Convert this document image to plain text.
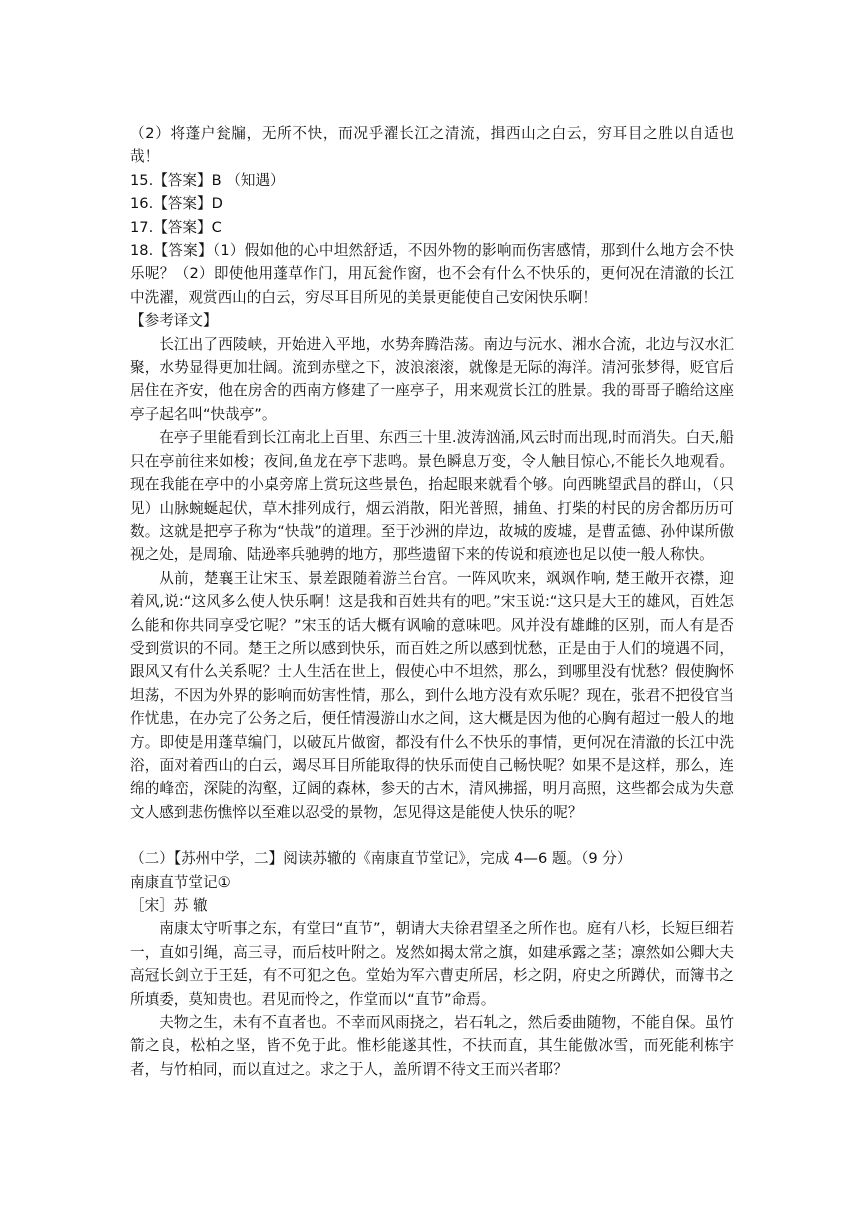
（2）将蓬户瓮牖，无所不快，而况乎濯长江之清流，揖西山之白云，穷耳目之胜以自适也哉！

15.【答案】B （知遇）

16.【答案】D

17.【答案】C

18.【答案】（1）假如他的心中坦然舒适，不因外物的影响而伤害感情，那到什么地方会不快乐呢？（2）即使他用蓬草作门，用瓦瓮作窗，也不会有什么不快乐的，更何况在清澈的长江中洗濯，观赏西山的白云，穷尽耳目所见的美景更能使自己安闲快乐啊！

【参考译文】

长江出了西陵峡，开始进入平地，水势奔腾浩荡。南边与沅水、湘水合流，北边与汉水汇聚，水势显得更加壮阔。流到赤壁之下，波浪滚滚，就像是无际的海洋。清河张梦得，贬官后居住在齐安，他在房舍的西南方修建了一座亭子，用来观赏长江的胜景。我的哥哥子瞻给这座亭子起名叫“快哉亭”。

在亭子里能看到长江南北上百里、东西三十里.波涛汹涌,风云时而出现,时而消失。白天,船只在亭前往来如梭；夜间,鱼龙在亭下悲鸣。景色瞬息万变，令人触目惊心,不能长久地观看。现在我能在亭中的小桌旁席上赏玩这些景色，抬起眼来就看个够。向西眺望武昌的群山，（只见）山脉蜿蜒起伏，草木排列成行，烟云消散，阳光普照，捕鱼、打柴的村民的房舍都历历可数。这就是把亭子称为“快哉”的道理。至于沙洲的岸边，故城的废墟，是曹孟德、孙仲谋所傲视之处，是周瑜、陆逊率兵驰骋的地方，那些遗留下来的传说和痕迹也足以使一般人称快。

从前，楚襄王让宋玉、景差跟随着游兰台宫。一阵风吹来，飒飒作响, 楚王敞开衣襟，迎着风,说:“这风多么使人快乐啊！这是我和百姓共有的吧。”宋玉说:“这只是大王的雄风，百姓怎么能和你共同享受它呢？”宋玉的话大概有讽喻的意味吧。风并没有雄雌的区别，而人有是否受到赏识的不同。楚王之所以感到快乐，而百姓之所以感到忧愁，正是由于人们的境遇不同，跟风又有什么关系呢？士人生活在世上，假使心中不坦然，那么，到哪里没有忧愁？假使胸怀坦荡，不因为外界的影响而妨害性情，那么，到什么地方没有欢乐呢？现在，张君不把役官当作忧患，在办完了公务之后，便任情漫游山水之间，这大概是因为他的心胸有超过一般人的地方。即使是用蓬草编门，以破瓦片做窗，都没有什么不快乐的事情，更何况在清澈的长江中洗浴，面对着西山的白云，竭尽耳目所能取得的快乐而使自己畅快呢？如果不是这样，那么，连绵的峰峦，深陡的沟壑，辽阔的森林，参天的古木，清风拂摇，明月高照，这些都会成为失意文人感到悲伤憔悴以至难以忍受的景物，怎见得这是能使人快乐的呢？

（二）【苏州中学，二】阅读苏辙的《南康直节堂记》，完成 4—6 题。（9 分）

南康直节堂记①

［宋］苏 辙

南康太守听事之东，有堂曰“直节”，朝请大夫徐君望圣之所作也。庭有八杉，长短巨细若一，直如引绳，高三寻，而后枝叶附之。岌然如揭太常之旗，如建承露之茎；凛然如公卿大夫高冠长剑立于王廷，有不可犯之色。堂始为军六曹吏所居，杉之阴，府史之所蹲伏，而簿书之所填委，莫知贵也。君见而怜之，作堂而以“直节”命焉。

夫物之生，未有不直者也。不幸而风雨挠之，岩石轧之，然后委曲随物，不能自保。虽竹箭之良，松柏之坚，皆不免于此。惟杉能遂其性，不扶而直，其生能傲冰雪，而死能利栋宇者，与竹柏同，而以直过之。求之于人，盖所谓不待文王而兴者耶？
